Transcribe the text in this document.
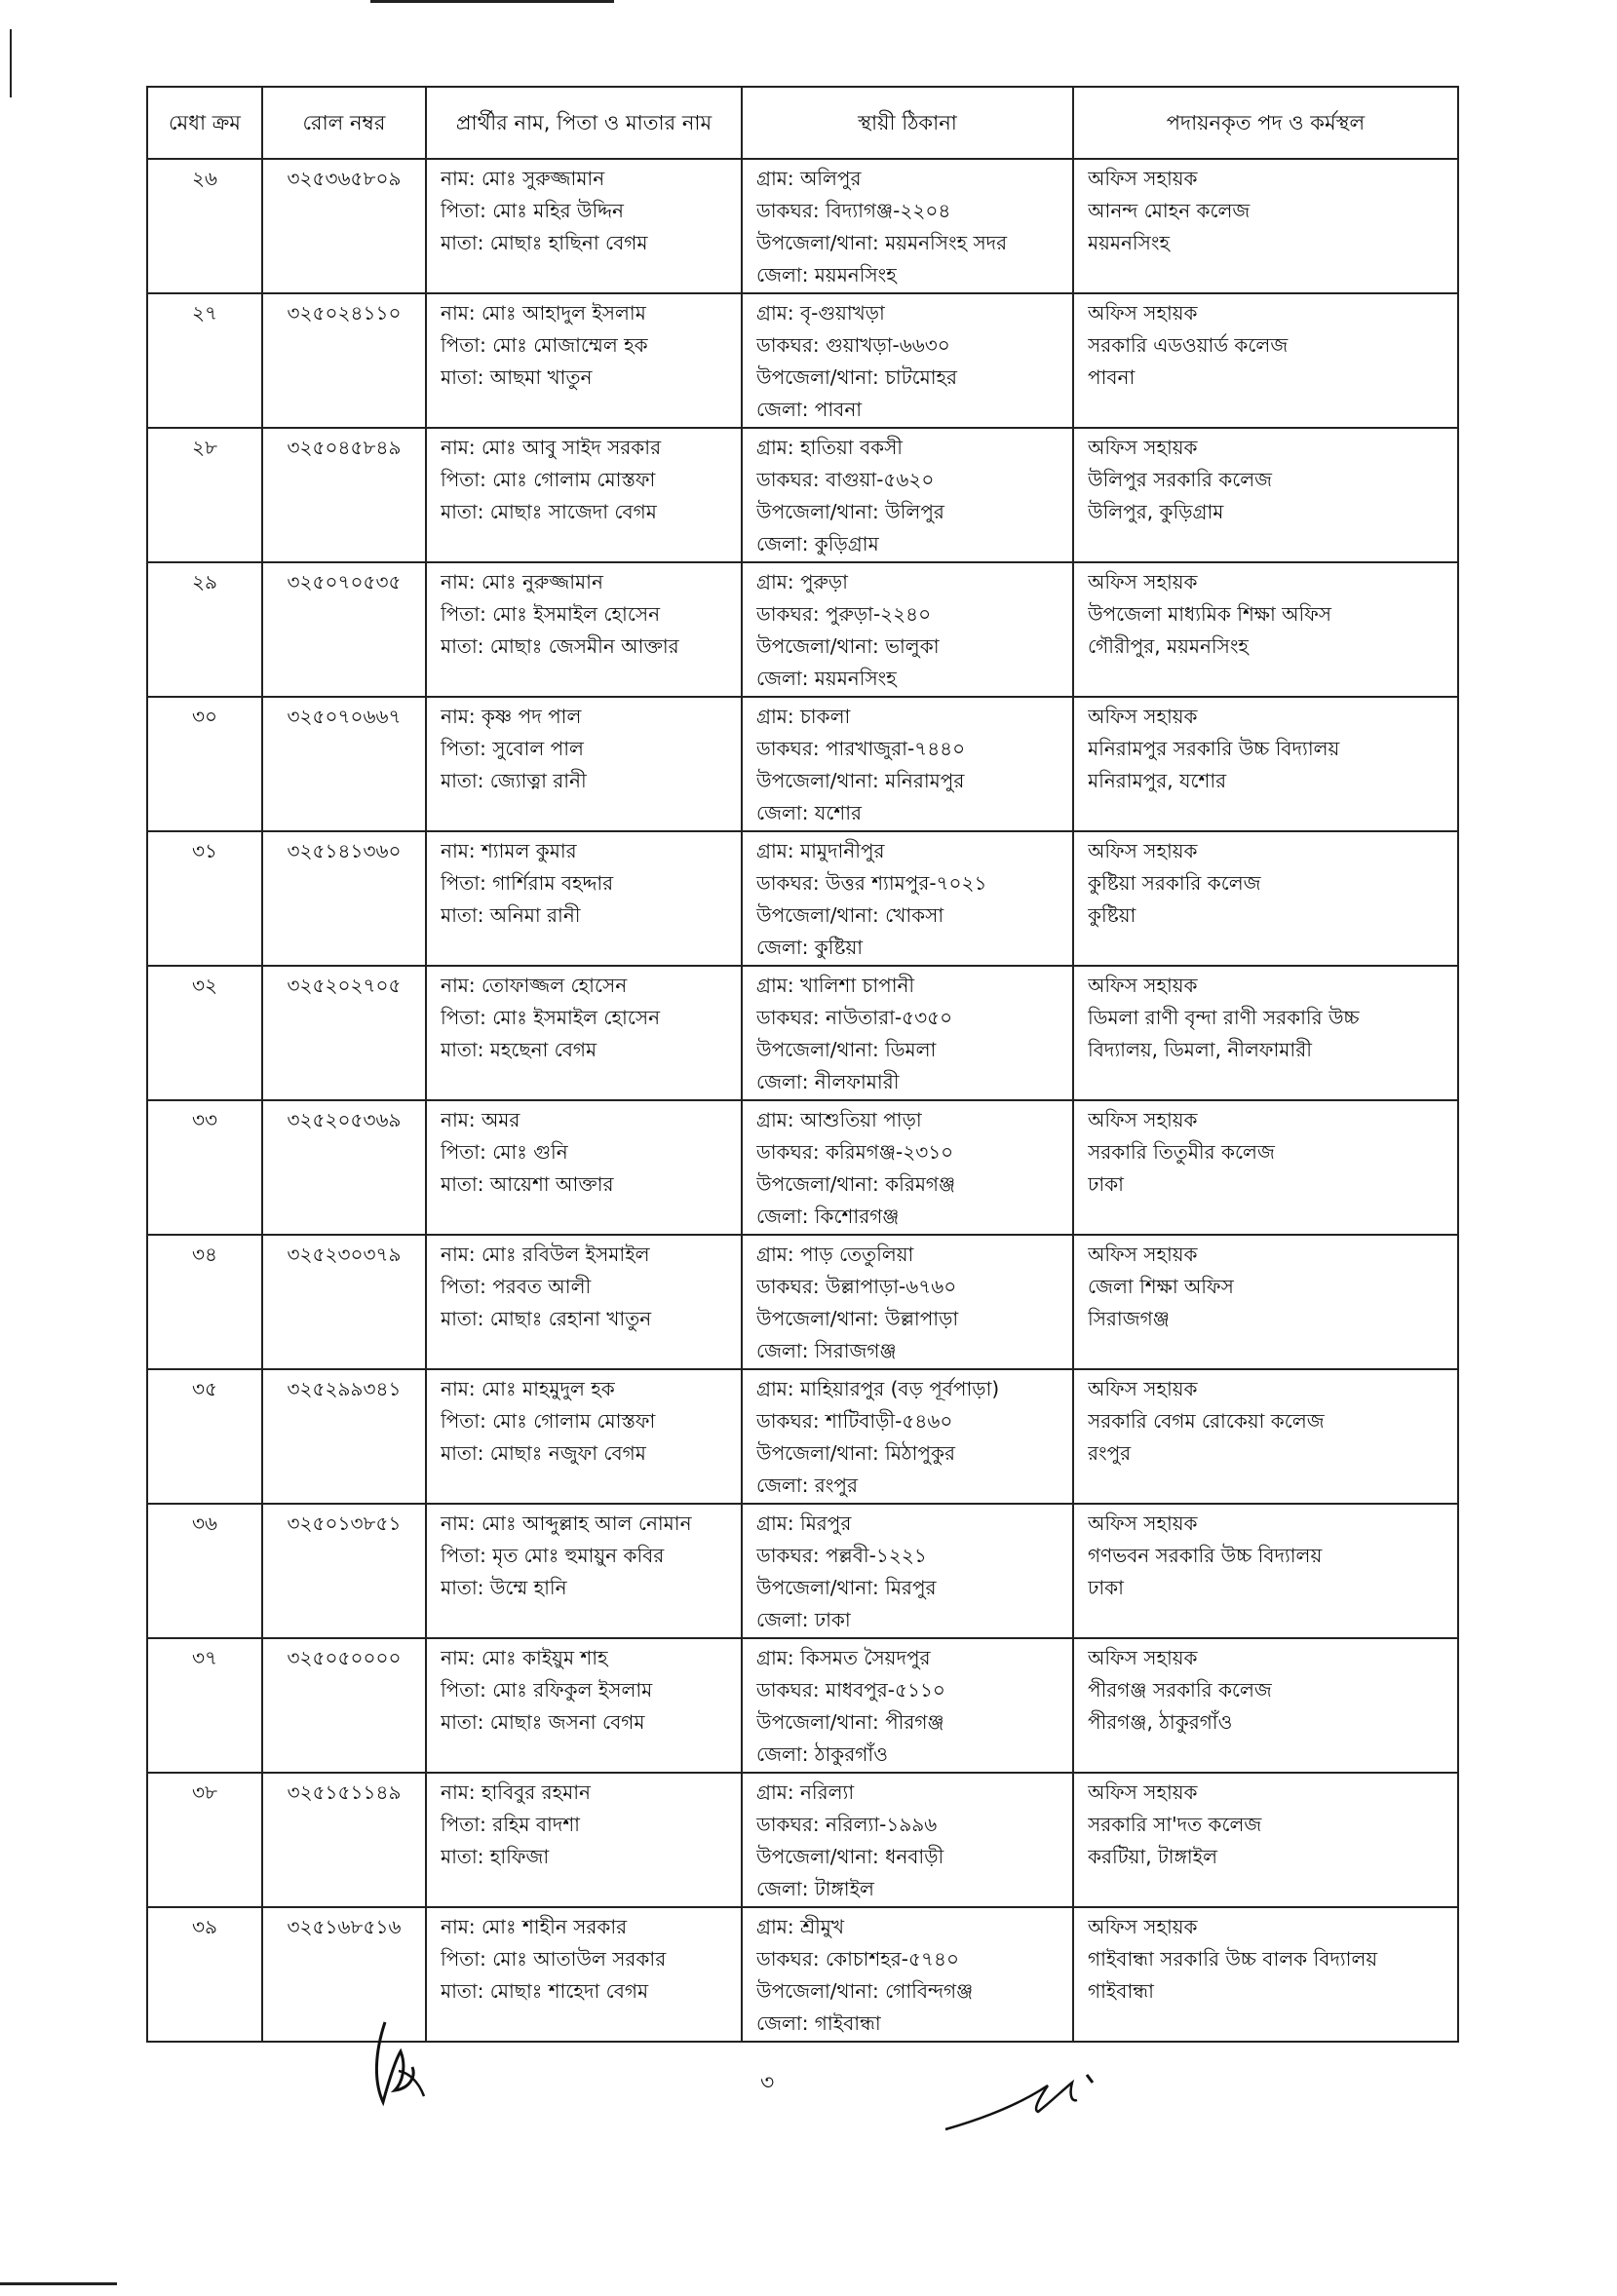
মেধা ক্রম	রোল নম্বর	প্রার্থীর নাম, পিতা ও মাতার নাম	স্থায়ী ঠিকানা	পদায়নকৃত পদ ও কর্মস্থল

২৬	৩২৫৩৬৫৮০৯	নাম: মোঃ সুরুজ্জামান
পিতা: মোঃ মহির উদ্দিন
মাতা: মোছাঃ হাছিনা বেগম	গ্রাম: অলিপুর
ডাকঘর: বিদ্যাগঞ্জ-২২০৪
উপজেলা/থানা: ময়মনসিংহ সদর
জেলা: ময়মনসিংহ	অফিস সহায়ক
আনন্দ মোহন কলেজ
ময়মনসিংহ

২৭	৩২৫০২৪১১০	নাম: মোঃ আহাদুল ইসলাম
পিতা: মোঃ মোজাম্মেল হক
মাতা: আছমা খাতুন	গ্রাম: বৃ-গুয়াখড়া
ডাকঘর: গুয়াখড়া-৬৬৩০
উপজেলা/থানা: চাটমোহর
জেলা: পাবনা	অফিস সহায়ক
সরকারি এডওয়ার্ড কলেজ
পাবনা

২৮	৩২৫০৪৫৮৪৯	নাম: মোঃ আবু সাইদ সরকার
পিতা: মোঃ গোলাম মোস্তফা
মাতা: মোছাঃ সাজেদা বেগম	গ্রাম: হাতিয়া বকসী
ডাকঘর: বাগুয়া-৫৬২০
উপজেলা/থানা: উলিপুর
জেলা: কুড়িগ্রাম	অফিস সহায়ক
উলিপুর সরকারি কলেজ
উলিপুর, কুড়িগ্রাম

২৯	৩২৫০৭০৫৩৫	নাম: মোঃ নুরুজ্জামান
পিতা: মোঃ ইসমাইল হোসেন
মাতা: মোছাঃ জেসমীন আক্তার	গ্রাম: পুরুড়া
ডাকঘর: পুরুড়া-২২৪০
উপজেলা/থানা: ভালুকা
জেলা: ময়মনসিংহ	অফিস সহায়ক
উপজেলা মাধ্যমিক শিক্ষা অফিস
গৌরীপুর, ময়মনসিংহ

৩০	৩২৫০৭০৬৬৭	নাম: কৃষ্ণ পদ পাল
পিতা: সুবোল পাল
মাতা: জ্যোত্না রানী	গ্রাম: চাকলা
ডাকঘর: পারখাজুরা-৭৪৪০
উপজেলা/থানা: মনিরামপুর
জেলা: যশোর	অফিস সহায়ক
মনিরামপুর সরকারি উচ্চ বিদ্যালয়
মনিরামপুর, যশোর

৩১	৩২৫১৪১৩৬০	নাম: শ্যামল কুমার
পিতা: গার্শিরাম বহদ্দার
মাতা: অনিমা রানী	গ্রাম: মামুদানীপুর
ডাকঘর: উত্তর শ্যামপুর-৭০২১
উপজেলা/থানা: খোকসা
জেলা: কুষ্টিয়া	অফিস সহায়ক
কুষ্টিয়া সরকারি কলেজ
কুষ্টিয়া

৩২	৩২৫২০২৭০৫	নাম: তোফাজ্জল হোসেন
পিতা: মোঃ ইসমাইল হোসেন
মাতা: মহছেনা বেগম	গ্রাম: খালিশা চাপানী
ডাকঘর: নাউতারা-৫৩৫০
উপজেলা/থানা: ডিমলা
জেলা: নীলফামারী	অফিস সহায়ক
ডিমলা রাণী বৃন্দা রাণী সরকারি উচ্চ
বিদ্যালয়, ডিমলা, নীলফামারী

৩৩	৩২৫২০৫৩৬৯	নাম: অমর
পিতা: মোঃ গুনি
মাতা: আয়েশা আক্তার	গ্রাম: আশুতিয়া পাড়া
ডাকঘর: করিমগঞ্জ-২৩১০
উপজেলা/থানা: করিমগঞ্জ
জেলা: কিশোরগঞ্জ	অফিস সহায়ক
সরকারি তিতুমীর কলেজ
ঢাকা

৩৪	৩২৫২৩০৩৭৯	নাম: মোঃ রবিউল ইসমাইল
পিতা: পরবত আলী
মাতা: মোছাঃ রেহানা খাতুন	গ্রাম: পাড় তেতুলিয়া
ডাকঘর: উল্লাপাড়া-৬৭৬০
উপজেলা/থানা: উল্লাপাড়া
জেলা: সিরাজগঞ্জ	অফিস সহায়ক
জেলা শিক্ষা অফিস
সিরাজগঞ্জ

৩৫	৩২৫২৯৯৩৪১	নাম: মোঃ মাহমুদুল হক
পিতা: মোঃ গোলাম মোস্তফা
মাতা: মোছাঃ নজুফা বেগম	গ্রাম: মাহিয়ারপুর (বড় পূর্বপাড়া)
ডাকঘর: শাটিবাড়ী-৫৪৬০
উপজেলা/থানা: মিঠাপুকুর
জেলা: রংপুর	অফিস সহায়ক
সরকারি বেগম রোকেয়া কলেজ
রংপুর

৩৬	৩২৫০১৩৮৫১	নাম: মোঃ আব্দুল্লাহ আল নোমান
পিতা: মৃত মোঃ হুমায়ুন কবির
মাতা: উম্মে হানি	গ্রাম: মিরপুর
ডাকঘর: পল্লবী-১২২১
উপজেলা/থানা: মিরপুর
জেলা: ঢাকা	অফিস সহায়ক
গণভবন সরকারি উচ্চ বিদ্যালয়
ঢাকা

৩৭	৩২৫০৫০০০০	নাম: মোঃ কাইয়ুম শাহ
পিতা: মোঃ রফিকুল ইসলাম
মাতা: মোছাঃ জসনা বেগম	গ্রাম: কিসমত সৈয়দপুর
ডাকঘর: মাধবপুর-৫১১০
উপজেলা/থানা: পীরগঞ্জ
জেলা: ঠাকুরগাঁও	অফিস সহায়ক
পীরগঞ্জ সরকারি কলেজ
পীরগঞ্জ, ঠাকুরগাঁও

৩৮	৩২৫১৫১১৪৯	নাম: হাবিবুর রহমান
পিতা: রহিম বাদশা
মাতা: হাফিজা	গ্রাম: নরিল্যা
ডাকঘর: নরিল্যা-১৯৯৬
উপজেলা/থানা: ধনবাড়ী
জেলা: টাঙ্গাইল	অফিস সহায়ক
সরকারি সা'দত কলেজ
করটিয়া, টাঙ্গাইল

৩৯	৩২৫১৬৮৫১৬	নাম: মোঃ শাহীন সরকার
পিতা: মোঃ আতাউল সরকার
মাতা: মোছাঃ শাহেদা বেগম	গ্রাম: শ্রীমুখ
ডাকঘর: কোচাশহর-৫৭৪০
উপজেলা/থানা: গোবিন্দগঞ্জ
জেলা: গাইবান্ধা	অফিস সহায়ক
গাইবান্ধা সরকারি উচ্চ বালক বিদ্যালয়
গাইবান্ধা
৩
